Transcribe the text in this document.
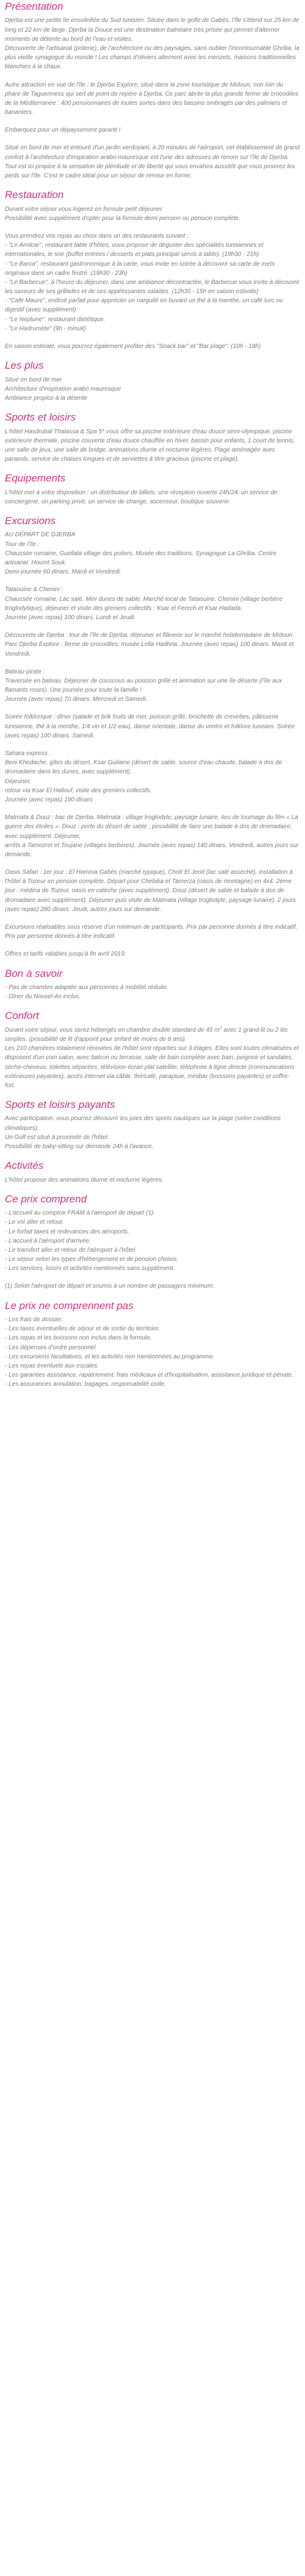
Présentation

Djerba est une petite île ensoleillée du Sud tunisien. Située dans le golfe de Gabès, l'île s'étend sur 25 km de long et 22 km de large. Djerba la Douce est une destination balnéaire très prisée qui permet d'alterner moments de détente au bord de l'eau et visites.
Découverte de l'artisanat (poterie), de l'architecture ou des paysages, sans oublier l'incontournable Ghriba, la plus vieille synagogue du monde ! Les champs d'oliviers alternent avec les menzels, maisons traditionnelles blanchies à la chaux.

Autre attraction en vue de l'île : le Djerba Explore, situé dans la zone touristique de Midoun, non loin du phare de Taguermess qui sert de point de repère à Djerba. Ce parc abrite la plus grande ferme de crocodiles de la Méditerranée : 400 pensionnaires de toutes sortes dans des bassins ombragés par des palmiers et bananiers.

Embarquez pour un dépaysement garanti !

Situé en bord de mer et entouré d'un jardin verdoyant, à 20 minutes de l'aéroport, cet établissement de grand confort à l'architecture d'inspiration arabo-mauresque est l'une des adresses de renom sur l'île de Djerba. Tout est ici propice à la sensation de plénitude et de liberté qui vous envahira aussitôt que vous poserez les pieds sur l'île. C'est le cadre idéal pour un séjour de remise en forme.

Restauration

Durant votre séjour vous logerez en formule petit déjeuner.
Possibilité avec supplément d'opter pour la formule demi pension ou pension complète.

Vous prendrez vos repas au choix dans un des restaurants suivant :
- "Le Amilcar", restaurant table d'hôtes, vous propose de déguster des spécialités tunisiennes et internationales, le soir (buffet entrées / desserts et plats principal servis à table). (19h30 - 21h)
- "Le Barca", restaurant gastronomique à la carte, vous invite en soirée à découvrir sa carte de mets originaux dans un cadre feutré. (19h30 - 23h)
- "Le Barbecue", à l'heure du déjeuner, dans une ambiance décontractée, le Barbecue vous invite à découvrir les saveurs de ses grillades et de ses appétissantes salades. (12h30 - 15h en saison estivale)
- "Café Maure", endroit parfait pour apprécier un narguilé en buvant un thé à la menthe, un café turc ou digestif (avec supplément)
- "Le Neptune", restaurant diététique.
- "Le Hadrumète" (9h - minuit)

En saison estivale, vous pourrez également profiter des "Snack bar" et "Bar plage". (10h - 18h)

Les plus

Situé en bord de mer
Architecture d'inspiration arabo mauresque
Ambiance propice à la détente

Sports et loisirs

L'hôtel Hasdrubal Thalassa & Spa 5* vous offre sa piscine extérieure d'eau douce semi-olympique, piscine extérieure thermale, piscine couverte d'eau douce chauffée en hiver, bassin pour enfants, 1 court de tennis, une salle de jeux, une salle de bridge, animations diurne et nocturne légères. Plage aménagée avec parasols, service de chaises longues et de serviettes à titre gracieux (piscine et plage).

Equipements

L'hôtel met à votre disposition : un distributeur de billets, une réception ouverte 24h/24, un service de conciergerie, un parking privé, un service de change, ascenseur, boutique souvenir.

Excursions

AU DÉPART DE DJERBA
Tour de l'île :
Chaussée romaine, Guellala village des potiers. Musée des traditions. Synagogue La Ghriba. Centre artisanal. Houmt Souk.
Demi-journée 60 dinars. Mardi et Vendredi.

Tataouine & Chenini :
Chaussée romaine, Lac salé. Mini dunes de sable. Marché local de Tataouine. Chenini (village berbère troglodytique), déjeuner et visite des greniers collectifs : Ksar el Ferech et Ksar Hadada.
Journée (avec repas) 100 dinars. Lundi et Jeudi.

Découverte de Djerba : tour de l'île de Djerba, déjeuner et flânerie sur le marché hebdomadaire de Midoun. Parc Djerba Explore : ferme de crocodiles, musée Lella Hadhria. Journée (avec repas) 100 dinars. Mardi et Vendredi.

Bateau-pirate :
Traversée en bateau. Déjeuner de couscous au poisson grillé et animation sur une île déserte (l'île aux flamants roses). Une journée pour toute la famille !
Journée (avec repas) 70 dinars. Mercredi et Samedi.

Soirée folklorique : dîner (salade et brik fruits de mer, poisson grillé, brochette de crevettes, pâtisserie tunisienne, thé à la menthe, 1/4 vin et 1/2 eau), danse orientale, danse du ventre et folklore tunisien. Soirée (avec repas) 100 dinars. Samedi.

Sahara express :
Beni Khedache, gîtes du désert, Ksar Guilaine (désert de sable, source d'eau chaude, balade à dos de dromadaire dans les dunes, avec supplément).
Déjeuner,
retour via Ksar El Hallouf, visite des greniers collectifs.
Journée (avec repas) 190 dinars

Matmata & Douz : bac de Djerba, Matmata : village troglodyte, paysage lunaire, lieu de tournage du film « La guerre des étoiles ». Douz : porte du désert de sable ; possibilité de faire une balade à dos de dromadaire, avec supplément. Déjeuner,
arrêts à Tamezret et Toujane (villages berbères). Journée (avec repas) 140 dinars. Vendredi, autres jours sur demande.

Oasis Safari : 1er jour : El Hamma Gabès (marché typique), Chott El Jerid (lac salé asséché), installation à l'hôtel à Tozeur en pension complète. Départ pour Chebika et Tamerza (oasis de montagne) en 4x4. 2ème jour : médina de Tozeur, oasis en calèche (avec supplément). Douz (désert de sable et balade à dos de dromadaire avec supplément). Déjeuner puis visite de Matmata (village troglodyte, paysage lunaire). 2 jours (avec repas) 280 dinars. Jeudi, autres jours sur demande.

Excursions réalisables sous réserve d'un minimum de participants. Prix par personne donnés à titre indicatif.
Prix par personne donnés à titre indicatif.

Offres et tarifs valables jusqu'à fin avril 2019.

Bon à savoir

- Pas de chambre adaptée aux personnes à mobilité réduite.
- Dîner du Nouvel An inclus.

Confort

Durant votre séjour, vous serez hébergés en chambre double standard de 45 $m^2$ avec 1 grand lit ou 2 lits simples. (possibilité de lit d'appoint pour enfant de moins de 8 ans).
Les 210 chambres totalement rénovées de l'hôtel sont réparties sur 3 étages. Elles sont toutes climatisées et disposent d'un coin salon, avec balcon ou terrasse, salle de bain complète avec bain, peignoir et sandales, sèche-cheveux, toilettes séparées, télévision écran plat satellite, téléphone à ligne directe (communications extérieures payantes), accès internet via câble, thé/café, parapluie, minibar (boissons payantes) et coffre-fort.

Sports et loisirs payants

Avec participation, vous pourrez découvrir les joies des sports nautiques sur la plage (selon conditions climatiques).
Un Golf est situé à proximité de l'hôtel.
Possibilité de baby-sitting sur demande 24h à l'avance.

Activités

L'hôtel propose des animations diurne et nocturne légères.

Ce prix comprend

- L'accueil au comptoir FRAM à l'aéroport de départ (1).
- Le vol aller et retour.
- Le forfait taxes et redevances des aéroports.
- L'accueil à l'aéroport d'arrivée.
- Le transfert aller et retour de l'aéroport à l'hôtel.
- Le séjour selon les types d'hébergement et de pension choisis.
- Les services, loisirs et activités mentionnés sans supplément.

(1) Selon l'aéroport de départ et soumis à un nombre de passagers minimum.

Le prix ne comprennent pas

- Les frais de dossier.
- Les taxes éventuelles de séjour et de sortie du territoire.
- Les repas et les boissons non inclus dans la formule.
- Les dépenses d'ordre personnel
- Les excursions facultatives, et les activités non mentionnées au programme.
- Les repas éventuels aux escales.
- Les garanties assistance, rapatriement, frais médicaux et d'hospitalisation, assistance juridique et pénale.
- Les assurances annulation, bagages, responsabilité civile.
